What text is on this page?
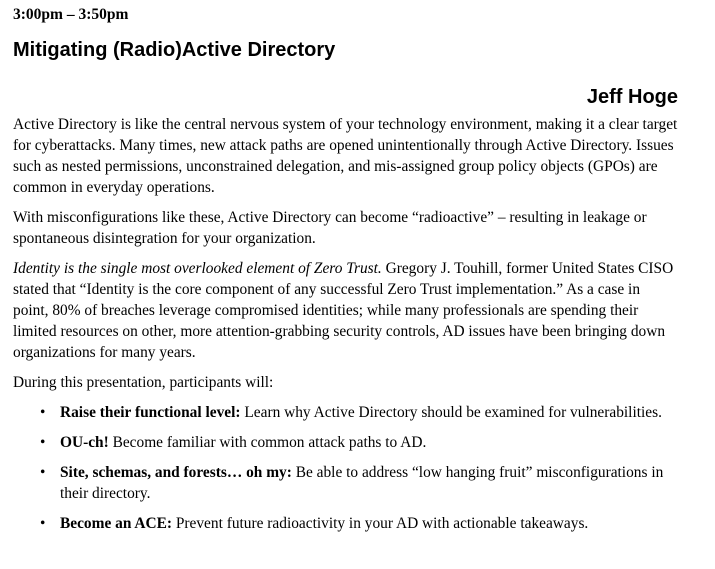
3:00pm – 3:50pm

Mitigating (Radio)Active Directory
Jeff Hoge

Active Directory is like the central nervous system of your technology environment, making it a clear target for cyberattacks. Many times, new attack paths are opened unintentionally through Active Directory. Issues such as nested permissions, unconstrained delegation, and mis-assigned group policy objects (GPOs) are common in everyday operations.

With misconfigurations like these, Active Directory can become “radioactive” – resulting in leakage or spontaneous disintegration for your organization.

Identity is the single most overlooked element of Zero Trust. Gregory J. Touhill, former United States CISO stated that “Identity is the core component of any successful Zero Trust implementation.” As a case in point, 80% of breaches leverage compromised identities; while many professionals are spending their limited resources on other, more attention-grabbing security controls, AD issues have been bringing down organizations for many years.

During this presentation, participants will:

• Raise their functional level: Learn why Active Directory should be examined for vulnerabilities.
• OU-ch! Become familiar with common attack paths to AD.
• Site, schemas, and forests… oh my: Be able to address “low hanging fruit” misconfigurations in their directory.
• Become an ACE: Prevent future radioactivity in your AD with actionable takeaways.
